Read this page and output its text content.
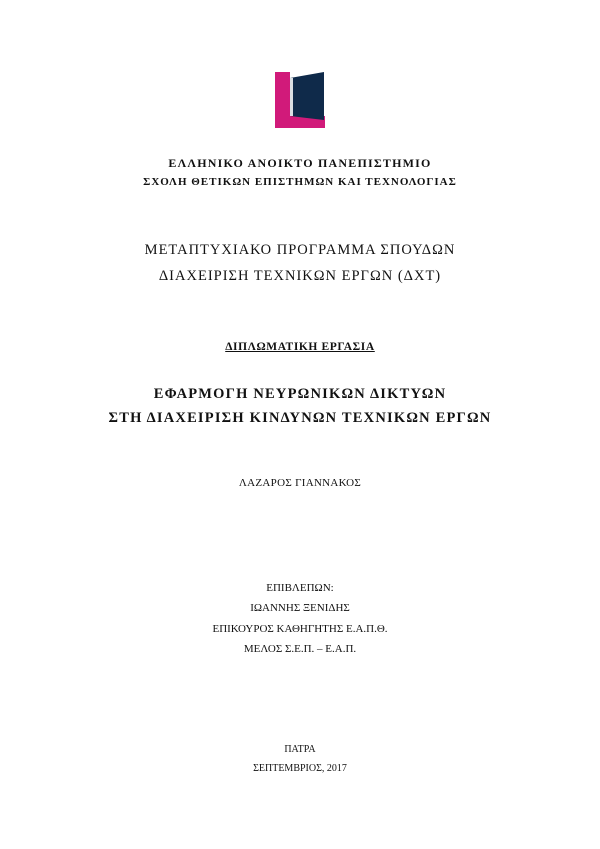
ΕΛΛΗΝΙΚΟ ΑΝΟΙΚΤΟ ΠΑΝΕΠΙΣΤΗΜΙΟ
ΣΧΟΛΗ ΘΕΤΙΚΩΝ ΕΠΙΣΤΗΜΩΝ ΚΑΙ ΤΕΧΝΟΛΟΓΙΑΣ
ΜΕΤΑΠΤΥΧΙΑΚΟ ΠΡΟΓΡΑΜΜΑ ΣΠΟΥΔΩΝ
ΔΙΑΧΕΙΡΙΣΗ ΤΕΧΝΙΚΩΝ ΕΡΓΩΝ (ΔΧΤ)
ΔΙΠΛΩΜΑΤΙΚΗ ΕΡΓΑΣΙΑ
ΕΦΑΡΜΟΓΗ ΝΕΥΡΩΝΙΚΩΝ ΔΙΚΤΥΩΝ
ΣΤΗ ΔΙΑΧΕΙΡΙΣΗ ΚΙΝΔΥΝΩΝ ΤΕΧΝΙΚΩΝ ΕΡΓΩΝ
ΛΑΖΑΡΟΣ ΓΙΑΝΝΑΚΟΣ
ΕΠΙΒΛΕΠΩΝ:
ΙΩΑΝΝΗΣ ΞΕΝΙΔΗΣ
ΕΠΙΚΟΥΡΟΣ ΚΑΘΗΓΗΤΗΣ Ε.Α.Π.Θ.
ΜΕΛΟΣ Σ.Ε.Π. – Ε.Α.Π.
ΠΑΤΡΑ
ΣΕΠΤΕΜΒΡΙΟΣ, 2017
